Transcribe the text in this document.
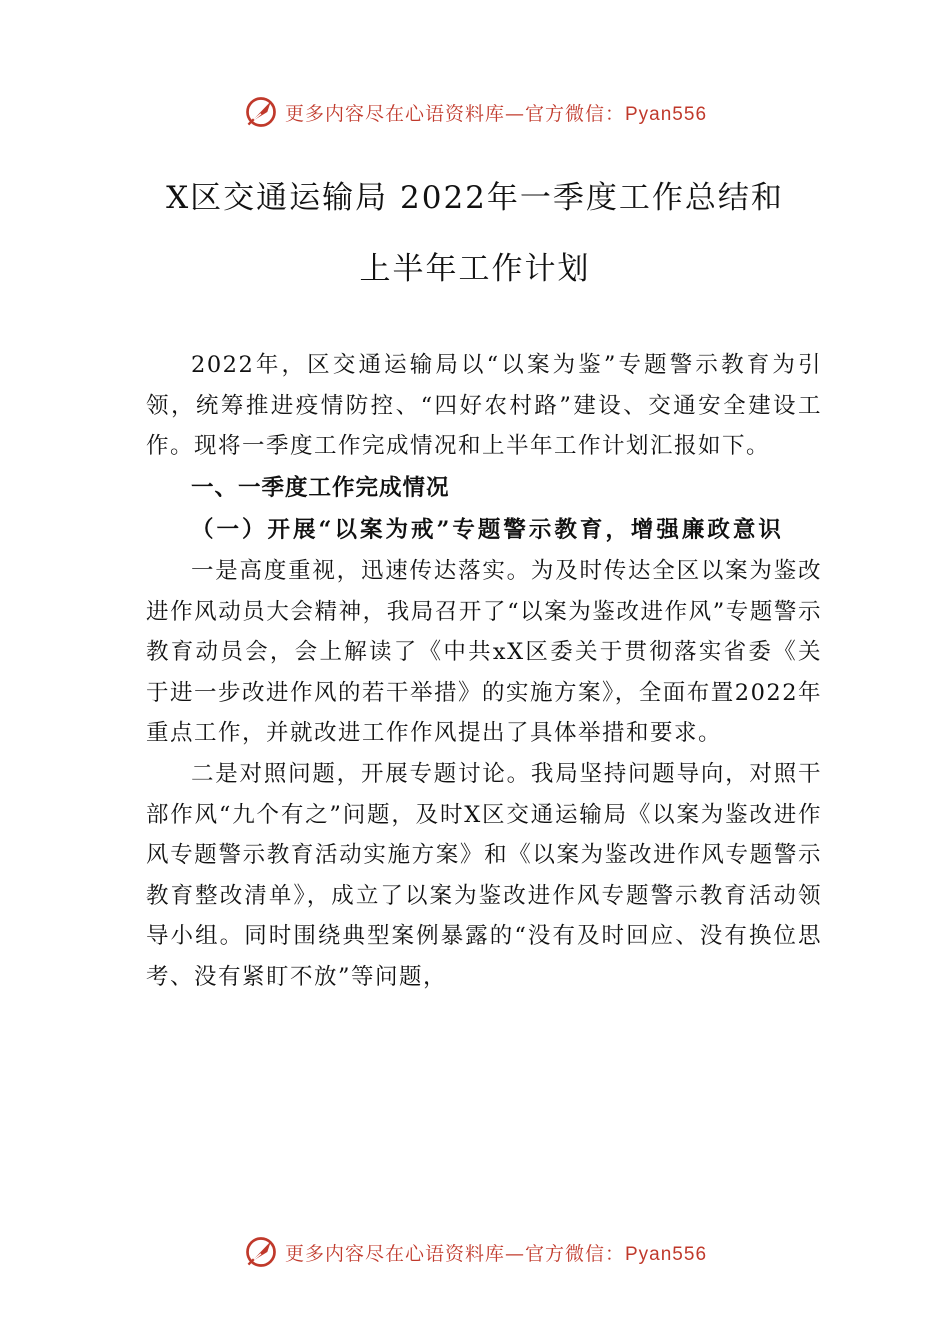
更多内容尽在心语资料库—官方微信：Pyan556
X区交通运输局 2022年一季度工作总结和
上半年工作计划

2022年，区交通运输局以“以案为鉴”专题警示教育为引领，统筹推进疫情防控、“四好农村路”建设、交通安全建设工作。现将一季度工作完成情况和上半年工作计划汇报如下。

一、一季度工作完成情况

（一）开展“以案为戒”专题警示教育，增强廉政意识

一是高度重视，迅速传达落实。为及时传达全区以案为鉴改进作风动员大会精神，我局召开了“以案为鉴改进作风”专题警示教育动员会，会上解读了《中共xX区委关于贯彻落实省委《关于进一步改进作风的若干举措》的实施方案》，全面布置2022年重点工作，并就改进工作作风提出了具体举措和要求。

二是对照问题，开展专题讨论。我局坚持问题导向，对照干部作风“九个有之”问题，及时X区交通运输局《以案为鉴改进作风专题警示教育活动实施方案》和《以案为鉴改进作风专题警示教育整改清单》，成立了以案为鉴改进作风专题警示教育活动领导小组。同时围绕典型案例暴露的“没有及时回应、没有换位思考、没有紧盯不放”等问题，

更多内容尽在心语资料库—官方微信：Pyan556
